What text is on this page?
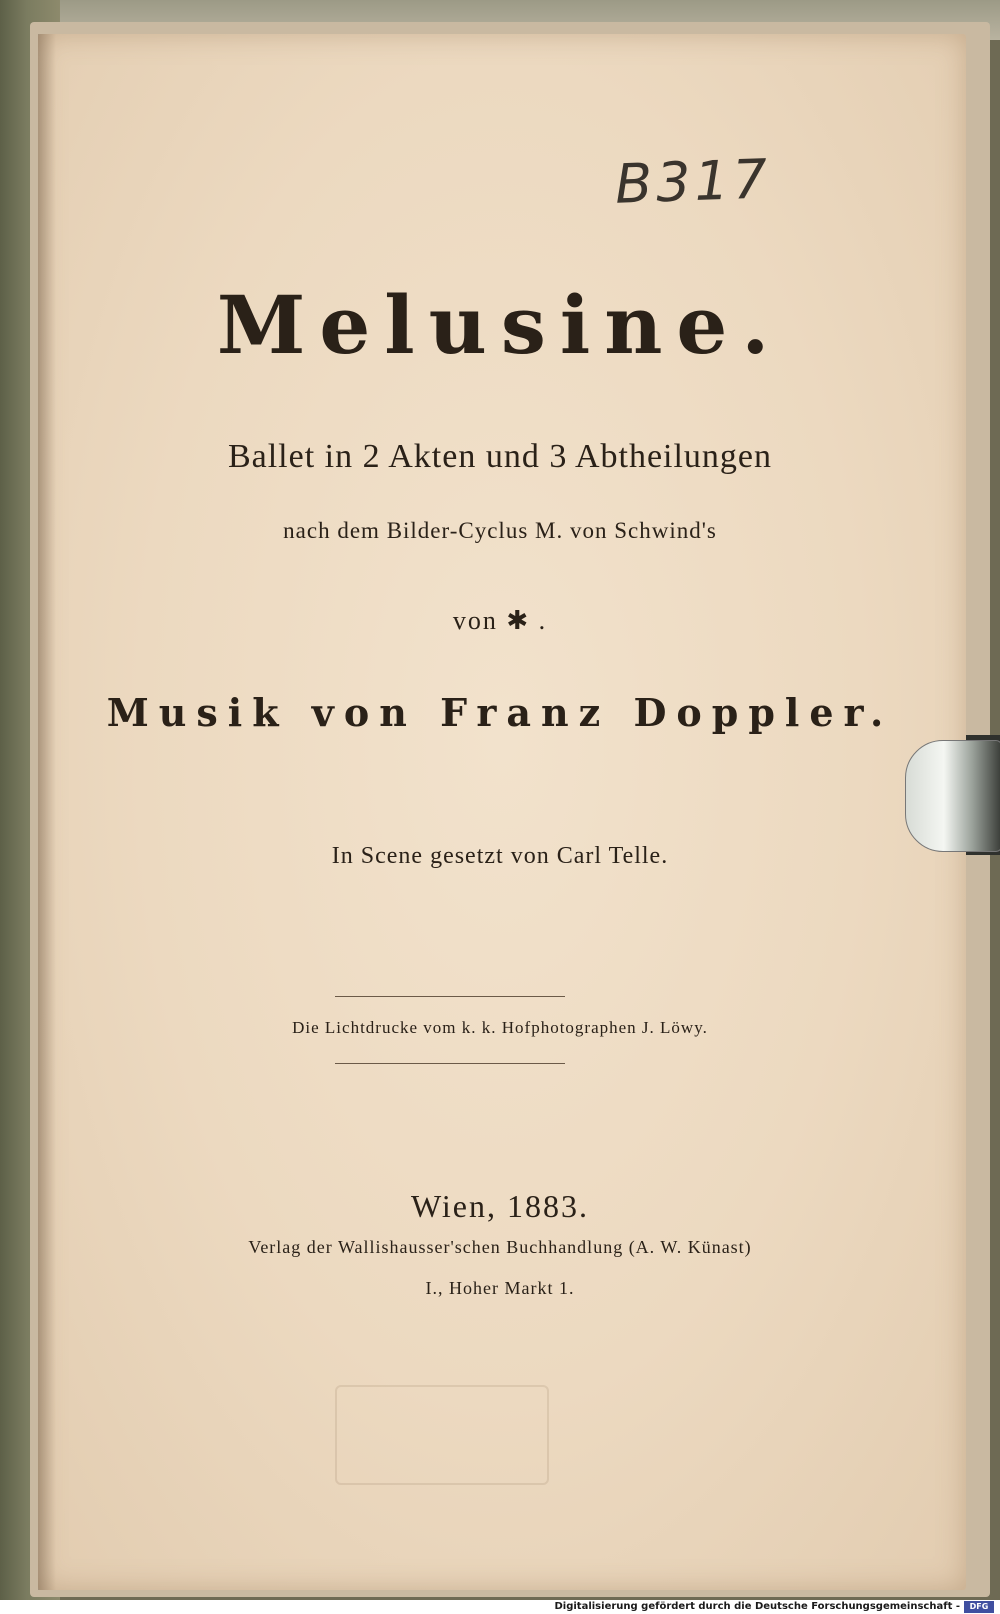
B317
Melusine.

Ballet in 2 Akten und 3 Abtheilungen

nach dem Bilder-Cyclus M. von Schwind's

von ✱ .

Musik von Franz Doppler.

In Scene gesetzt von Carl Telle.

Die Lichtdrucke vom k. k. Hofphotographen J. Löwy.

Wien, 1883.

Verlag der Wallishausser'schen Buchhandlung (A. W. Künast)

I., Hoher Markt 1.

Digitalisierung gefördert durch die Deutsche Forschungsgemeinschaft -	DFG
